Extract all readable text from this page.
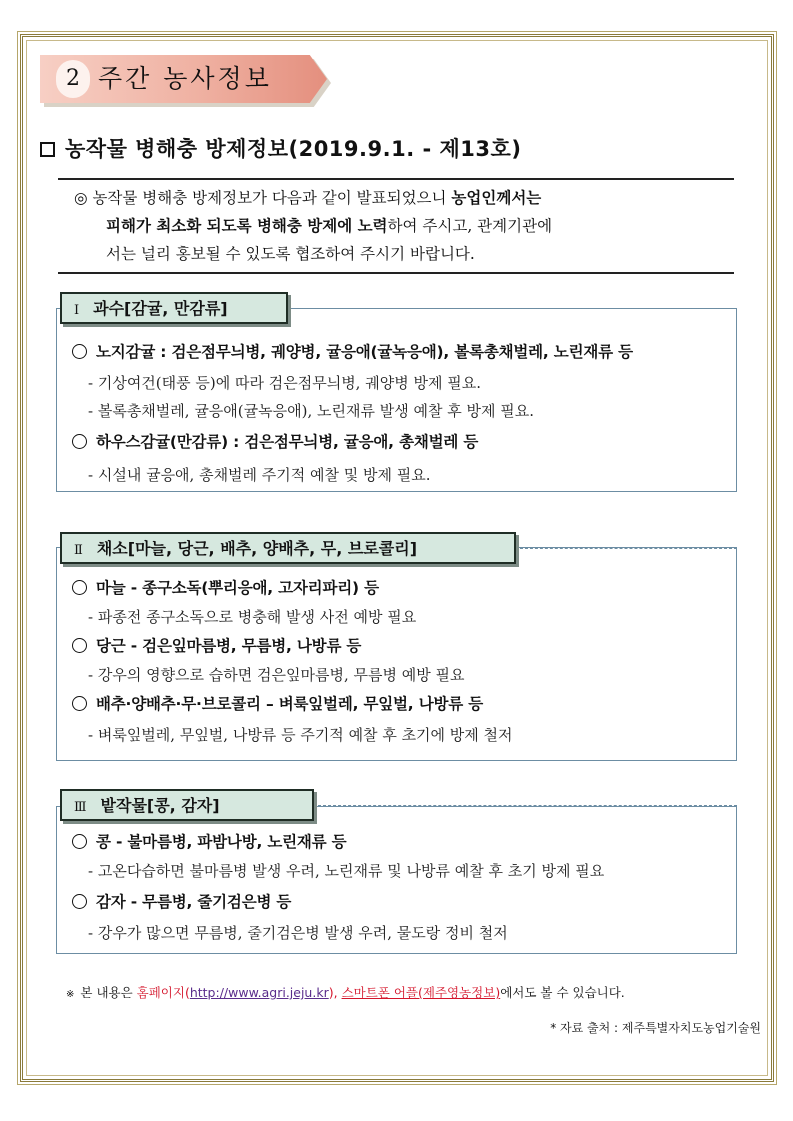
2 주간 농사정보
농작물 병해충 방제정보(2019.9.1. - 제13호)
◎ 농작물 병해충 방제정보가 다음과 같이 발표되었으니 농업인께서는
피해가 최소화 되도록 병해충 방제에 노력하여 주시고, 관계기관에
서는 널리 홍보될 수 있도록 협조하여 주시기 바랍니다.
Ⅰ 과수[감귤, 만감류]
노지감귤 : 검은점무늬병, 궤양병, 귤응애(귤녹응애), 볼록총채벌레, 노린재류 등
- 기상여건(태풍 등)에 따라 검은점무늬병, 궤양병 방제 필요.
- 볼록총채벌레, 귤응애(귤녹응애), 노린재류 발생 예찰 후 방제 필요.
하우스감귤(만감류) : 검은점무늬병, 귤응애, 총채벌레 등
- 시설내 귤응애, 총채벌레 주기적 예찰 및 방제 필요.
Ⅱ 채소[마늘, 당근, 배추, 양배추, 무, 브로콜리]
마늘 - 종구소독(뿌리응애, 고자리파리) 등
- 파종전 종구소독으로 병충해 발생 사전 예방 필요
당근 - 검은잎마름병, 무름병, 나방류 등
- 강우의 영향으로 습하면 검은잎마름병, 무름병 예방 필요
배추·양배추·무·브로콜리 – 벼룩잎벌레, 무잎벌, 나방류 등
- 벼룩잎벌레, 무잎벌, 나방류 등 주기적 예찰 후 초기에 방제 철저
Ⅲ 밭작물[콩, 감자]
콩 - 불마름병, 파밤나방, 노린재류 등
- 고온다습하면 불마름병 발생 우려, 노린재류 및 나방류 예찰 후 초기 방제 필요
감자 - 무름병, 줄기검은병 등
- 강우가 많으면 무름병, 줄기검은병 발생 우려, 물도랑 정비 철저
※ 본 내용은 홈페이지(http://www.agri.jeju.kr), 스마트폰 어플(제주영농정보)에서도 볼 수 있습니다.
* 자료 출처 : 제주특별자치도농업기술원
